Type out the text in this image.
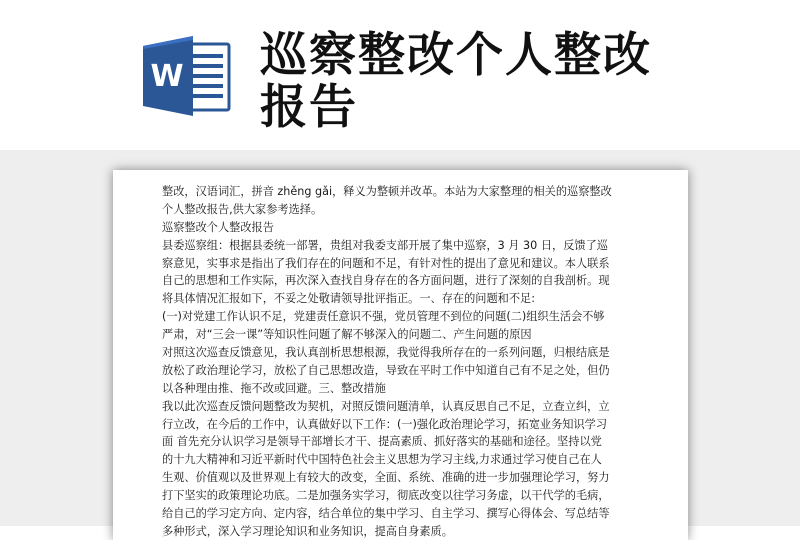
W 巡察整改个人整改报告
整改，汉语词汇，拼音 zhěng gǎi，释义为整顿并改革。本站为大家整理的相关的巡察整改
个人整改报告,供大家参考选择。
巡察整改个人整改报告
县委巡察组：根据县委统一部署，贵组对我委支部开展了集中巡察，3 月 30 日，反馈了巡
察意见，实事求是指出了我们存在的问题和不足，有针对性的提出了意见和建议。本人联系
自己的思想和工作实际，再次深入查找自身存在的各方面问题，进行了深刻的自我剖析。现
将具体情况汇报如下，不妥之处敬请领导批评指正。一、存在的问题和不足:
(一)对党建工作认识不足，党建责任意识不强，党员管理不到位的问题(二)组织生活会不够
严肃，对“三会一课”等知识性问题了解不够深入的问题二、产生问题的原因
对照这次巡查反馈意见，我认真剖析思想根源，我觉得我所存在的一系列问题，归根结底是
放松了政治理论学习，放松了自己思想改造，导致在平时工作中知道自己有不足之处，但仍
以各种理由推、拖不改或回避。三、整改措施
我以此次巡查反馈问题整改为契机，对照反馈问题清单，认真反思自己不足，立查立纠，立
行立改，在今后的工作中，认真做好以下工作：(一)强化政治理论学习，拓宽业务知识学习
面 首先充分认识学习是领导干部增长才干、提高素质、抓好落实的基础和途径。坚持以党
的十九大精神和习近平新时代中国特色社会主义思想为学习主线,力求通过学习使自己在人
生观、价值观以及世界观上有较大的改变，全面、系统、准确的进一步加强理论学习，努力
打下坚实的政策理论功底。二是加强务实学习，彻底改变以往学习务虚，以干代学的毛病，
给自己的学习定方向、定内容，结合单位的集中学习、自主学习、撰写心得体会、写总结等
多种形式，深入学习理论知识和业务知识，提高自身素质。
